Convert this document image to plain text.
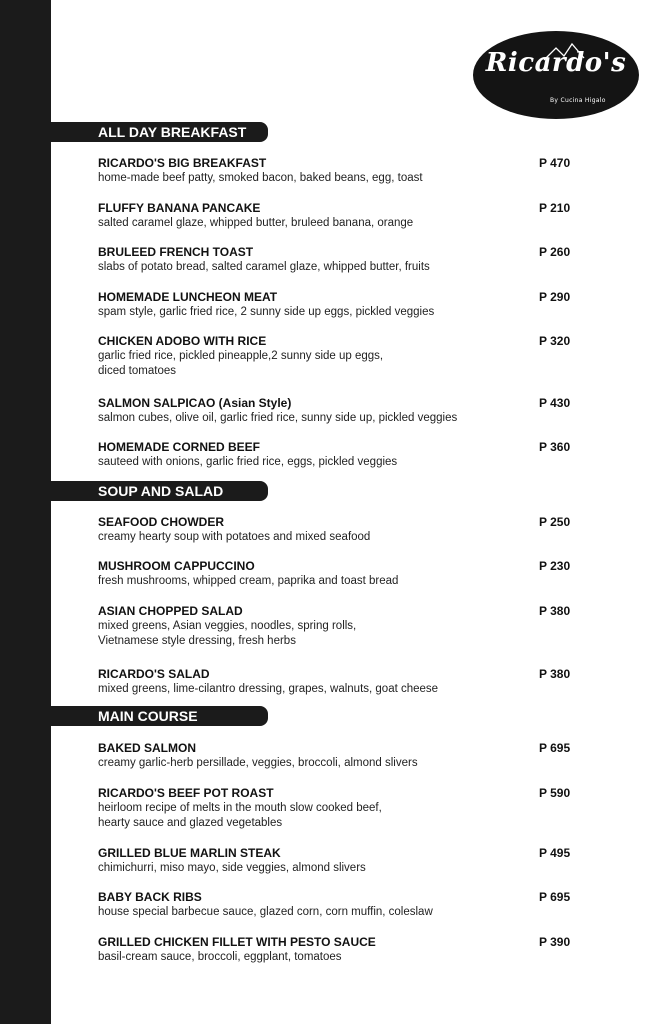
Ricardo's
By Cucina Higalo
ALL DAY BREAKFAST
RICARDO'S BIG BREAKFAST
home-made beef patty, smoked bacon, baked beans, egg, toast
P 470
FLUFFY BANANA PANCAKE
salted caramel glaze, whipped butter, bruleed banana, orange
P 210
BRULEED FRENCH TOAST
slabs of potato bread, salted caramel glaze, whipped butter, fruits
P 260
HOMEMADE LUNCHEON MEAT
spam style, garlic fried rice, 2 sunny side up eggs, pickled veggies
P 290
CHICKEN ADOBO WITH RICE
garlic fried rice, pickled pineapple,2 sunny side up eggs,
diced tomatoes
P 320
SALMON SALPICAO (Asian Style)
salmon cubes, olive oil, garlic fried rice, sunny side up, pickled veggies
P 430
HOMEMADE CORNED BEEF
sauteed with onions, garlic fried rice, eggs, pickled veggies
P 360
SOUP AND SALAD
SEAFOOD CHOWDER
creamy hearty soup with potatoes and mixed seafood
P 250
MUSHROOM CAPPUCCINO
fresh mushrooms, whipped cream, paprika and toast bread
P 230
ASIAN CHOPPED SALAD
mixed greens, Asian veggies, noodles, spring rolls,
Vietnamese style dressing, fresh herbs
P 380
RICARDO'S SALAD
mixed greens, lime-cilantro dressing, grapes, walnuts, goat cheese
P 380
MAIN COURSE
BAKED SALMON
creamy garlic-herb persillade, veggies, broccoli, almond slivers
P 695
RICARDO'S BEEF POT ROAST
heirloom recipe of melts in the mouth slow cooked beef,
hearty sauce and glazed vegetables
P 590
GRILLED BLUE MARLIN STEAK
chimichurri, miso mayo, side veggies, almond slivers
P 495
BABY BACK RIBS
house special barbecue sauce, glazed corn, corn muffin, coleslaw
P 695
GRILLED CHICKEN FILLET WITH PESTO SAUCE
basil-cream sauce, broccoli, eggplant, tomatoes
P 390
